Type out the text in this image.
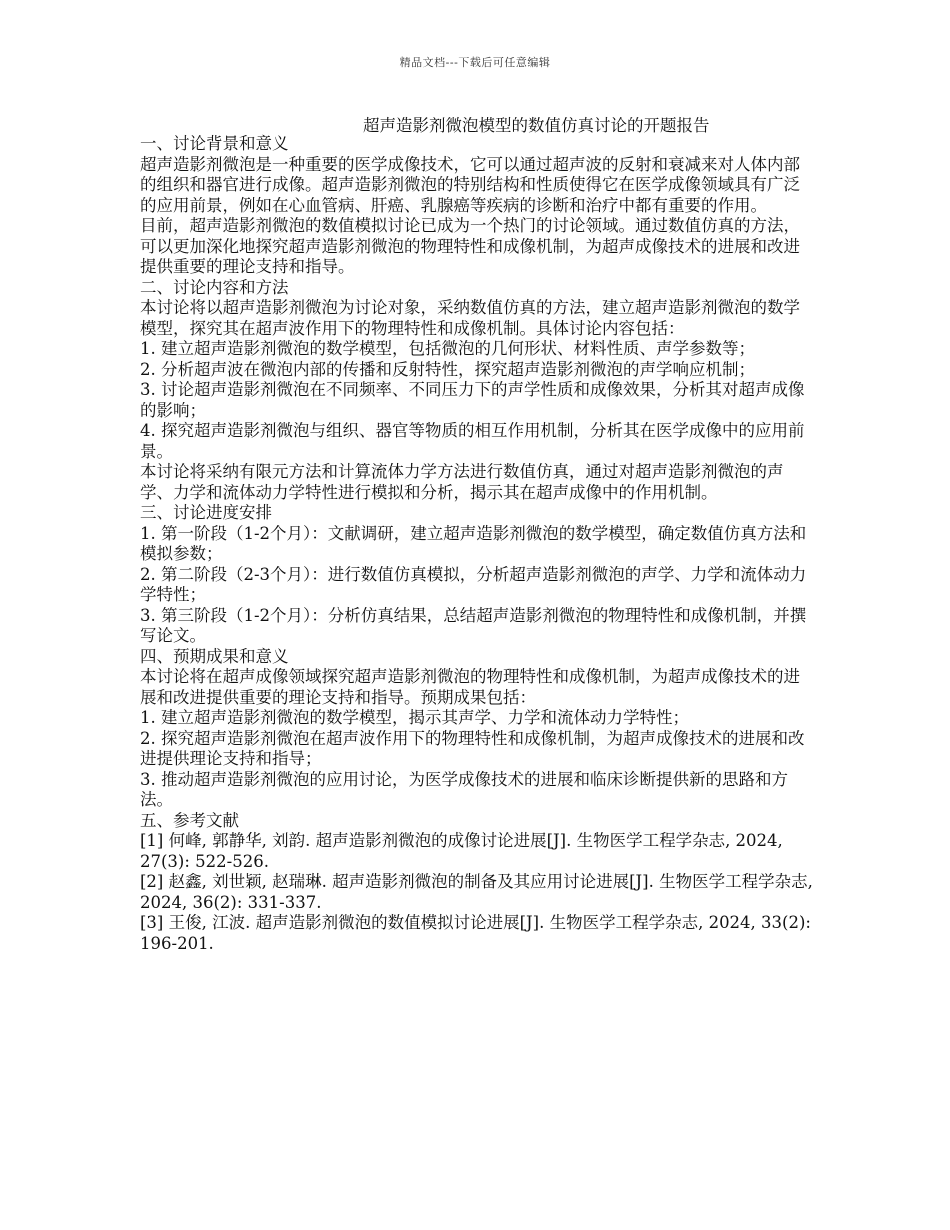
精品文档---下载后可任意编辑
超声造影剂微泡模型的数值仿真讨论的开题报告

一、讨论背景和意义

超声造影剂微泡是一种重要的医学成像技术，它可以通过超声波的反射和衰减来对人体内部的组织和器官进行成像。超声造影剂微泡的特别结构和性质使得它在医学成像领域具有广泛的应用前景，例如在心血管病、肝癌、乳腺癌等疾病的诊断和治疗中都有重要的作用。

目前，超声造影剂微泡的数值模拟讨论已成为一个热门的讨论领域。通过数值仿真的方法，可以更加深化地探究超声造影剂微泡的物理特性和成像机制，为超声成像技术的进展和改进提供重要的理论支持和指导。

二、讨论内容和方法

本讨论将以超声造影剂微泡为讨论对象，采纳数值仿真的方法，建立超声造影剂微泡的数学模型，探究其在超声波作用下的物理特性和成像机制。具体讨论内容包括：

1. 建立超声造影剂微泡的数学模型，包括微泡的几何形状、材料性质、声学参数等；

2. 分析超声波在微泡内部的传播和反射特性，探究超声造影剂微泡的声学响应机制；

3. 讨论超声造影剂微泡在不同频率、不同压力下的声学性质和成像效果，分析其对超声成像的影响；

4. 探究超声造影剂微泡与组织、器官等物质的相互作用机制，分析其在医学成像中的应用前景。

本讨论将采纳有限元方法和计算流体力学方法进行数值仿真，通过对超声造影剂微泡的声学、力学和流体动力学特性进行模拟和分析，揭示其在超声成像中的作用机制。

三、讨论进度安排

1. 第一阶段（1-2个月）：文献调研，建立超声造影剂微泡的数学模型，确定数值仿真方法和模拟参数；

2. 第二阶段（2-3个月）：进行数值仿真模拟，分析超声造影剂微泡的声学、力学和流体动力学特性；

3. 第三阶段（1-2个月）：分析仿真结果，总结超声造影剂微泡的物理特性和成像机制，并撰写论文。

四、预期成果和意义

本讨论将在超声成像领域探究超声造影剂微泡的物理特性和成像机制，为超声成像技术的进展和改进提供重要的理论支持和指导。预期成果包括：

1. 建立超声造影剂微泡的数学模型，揭示其声学、力学和流体动力学特性；

2. 探究超声造影剂微泡在超声波作用下的物理特性和成像机制，为超声成像技术的进展和改进提供理论支持和指导；

3. 推动超声造影剂微泡的应用讨论，为医学成像技术的进展和临床诊断提供新的思路和方法。

五、参考文献

[1] 何峰, 郭静华, 刘韵. 超声造影剂微泡的成像讨论进展[J]. 生物医学工程学杂志, 2024, 27(3): 522-526.

[2] 赵鑫, 刘世颖, 赵瑞琳. 超声造影剂微泡的制备及其应用讨论进展[J]. 生物医学工程学杂志, 2024, 36(2): 331-337.

[3] 王俊, 江波. 超声造影剂微泡的数值模拟讨论进展[J]. 生物医学工程学杂志, 2024, 33(2): 196-201.
